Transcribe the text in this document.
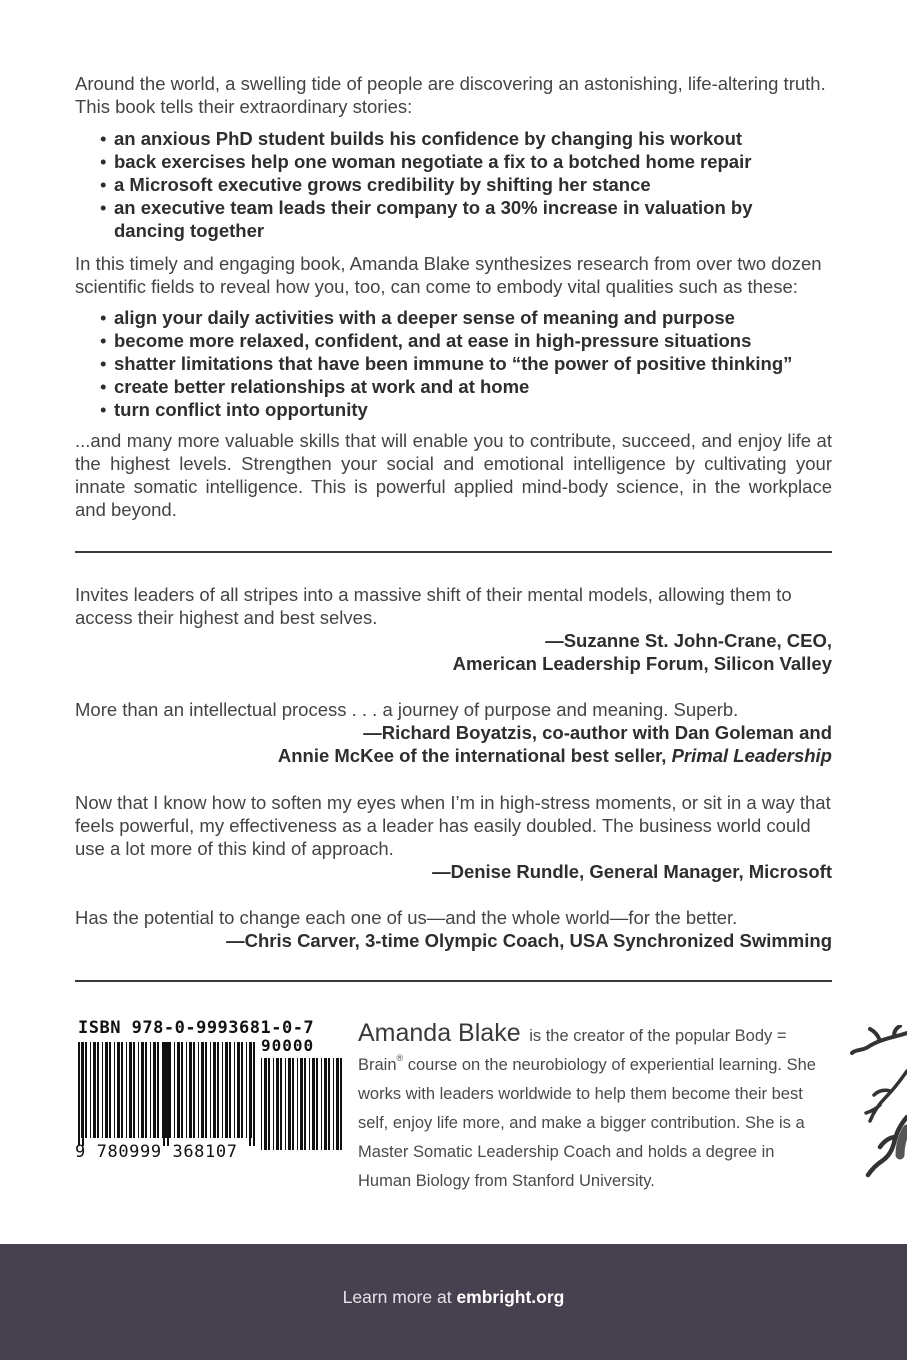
Around the world, a swelling tide of people are discovering an astonishing, life-altering truth. This book tells their extraordinary stories:

• an anxious PhD student builds his confidence by changing his workout
• back exercises help one woman negotiate a fix to a botched home repair
• a Microsoft executive grows credibility by shifting her stance
• an executive team leads their company to a 30% increase in valuation by dancing together

In this timely and engaging book, Amanda Blake synthesizes research from over two dozen scientific fields to reveal how you, too, can come to embody vital qualities such as these:

• align your daily activities with a deeper sense of meaning and purpose
• become more relaxed, confident, and at ease in high-pressure situations
• shatter limitations that have been immune to “the power of positive thinking”
• create better relationships at work and at home
• turn conflict into opportunity

...and many more valuable skills that will enable you to contribute, succeed, and enjoy life at the highest levels. Strengthen your social and emotional intelligence by cultivating your innate somatic intelligence. This is powerful applied mind-body science, in the workplace and beyond.

Invites leaders of all stripes into a massive shift of their mental models, allowing them to access their highest and best selves.

—Suzanne St. John-Crane, CEO,

American Leadership Forum, Silicon Valley

More than an intellectual process . . . a journey of purpose and meaning. Superb.

—Richard Boyatzis, co-author with Dan Goleman and

Annie McKee of the international best seller, Primal Leadership

Now that I know how to soften my eyes when I’m in high-stress moments, or sit in a way that feels powerful, my effectiveness as a leader has easily doubled. The business world could use a lot more of this kind of approach.

—Denise Rundle, General Manager, Microsoft

Has the potential to change each one of us—and the whole world—for the better.

—Chris Carver, 3-time Olympic Coach, USA Synchronized Swimming

ISBN 978-0-9993681-0-7
90000
9 780999 368107
Amanda Blake is the creator of the popular Body = Brain® course on the neurobiology of experiential learning. She works with leaders worldwide to help them become their best self, enjoy life more, and make a bigger contribution. She is a Master Somatic Leadership Coach and holds a degree in Human Biology from Stanford University.
Learn more at embright.org
